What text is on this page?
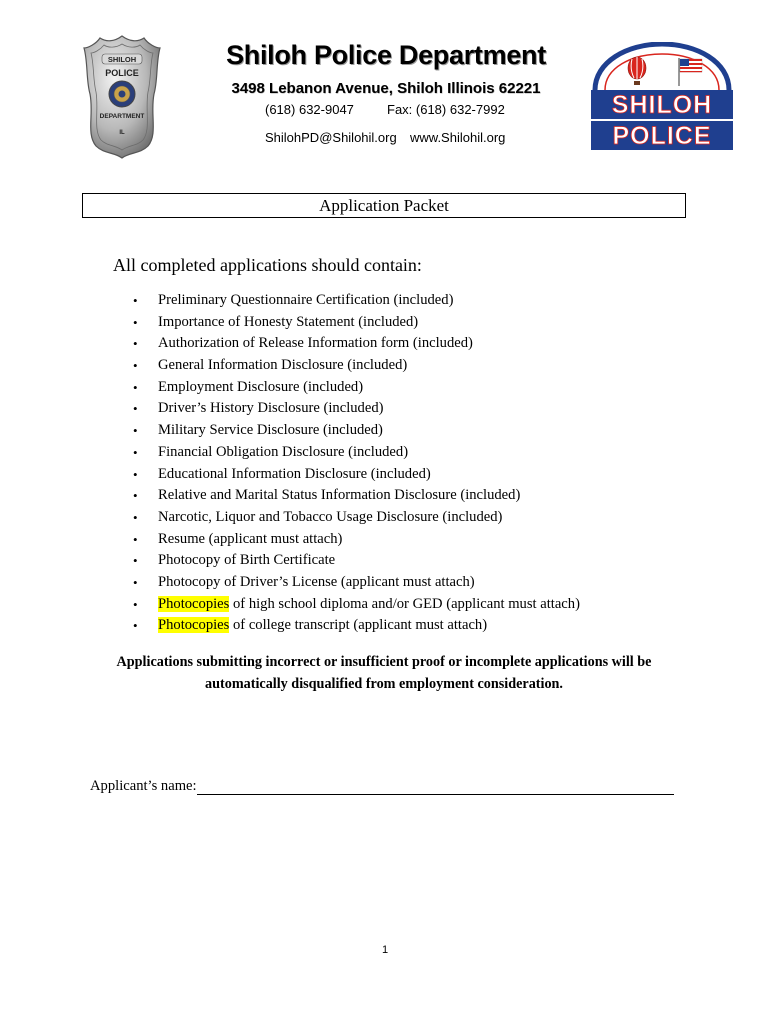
SHILOH
POLICE
DEPARTMENT
IL
SHILOH
POLICE
Shiloh Police Department
3498 Lebanon Avenue, Shiloh Illinois 62221
(618) 632-9047	Fax: (618) 632-7992
ShilohPD@Shilohil.org www.Shilohil.org
Application Packet
All completed applications should contain:
• Preliminary Questionnaire Certification (included)
• Importance of Honesty Statement (included)
• Authorization of Release Information form (included)
• General Information Disclosure (included)
• Employment Disclosure (included)
• Driver’s History Disclosure (included)
• Military Service Disclosure (included)
• Financial Obligation Disclosure (included)
• Educational Information Disclosure (included)
• Relative and Marital Status Information Disclosure (included)
• Narcotic, Liquor and Tobacco Usage Disclosure (included)
• Resume (applicant must attach)
• Photocopy of Birth Certificate
• Photocopy of Driver’s License (applicant must attach)
• Photocopies of high school diploma and/or GED (applicant must attach)
• Photocopies of college transcript (applicant must attach)
Applications submitting incorrect or insufficient proof or incomplete applications will be
automatically disqualified from employment consideration.
Applicant’s name:
1
